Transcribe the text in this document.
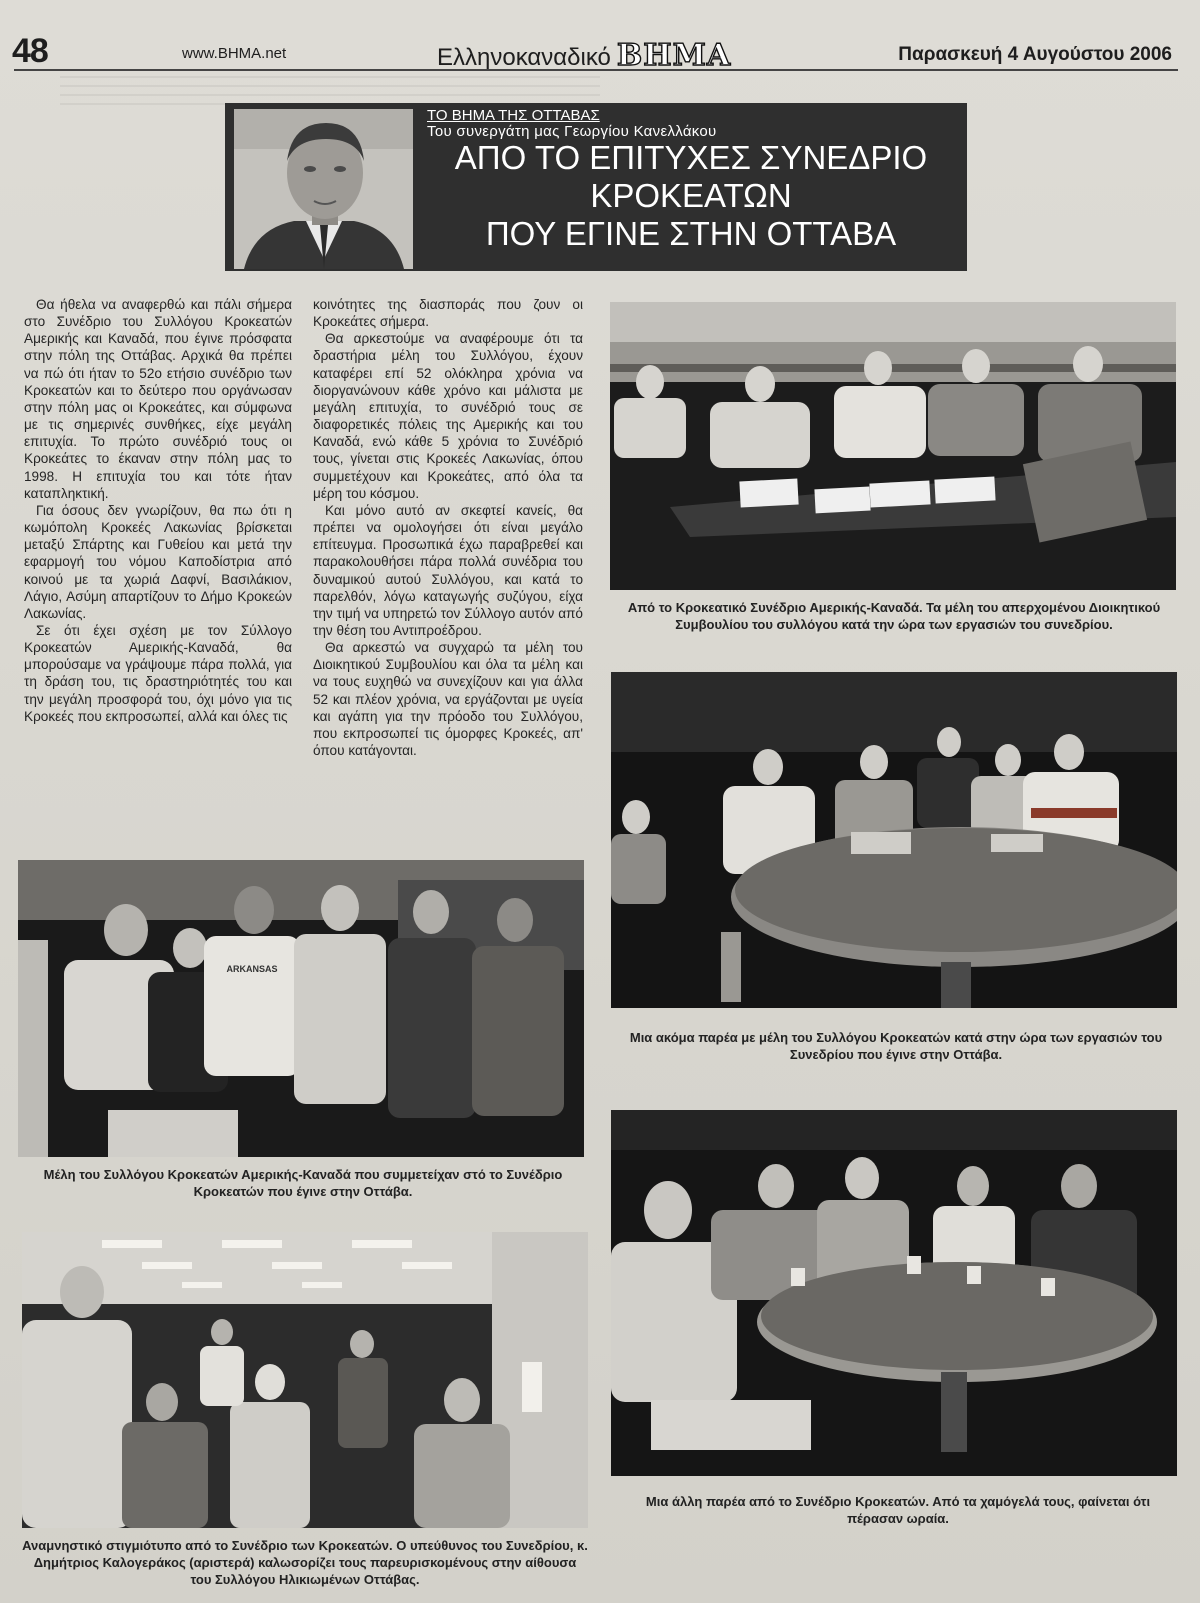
48	www.BHMA.net	Ελληνοκαναδικό BHMA	Παρασκευή 4 Αυγούστου 2006
ΤΟ ΒΗΜΑ ΤΗΣ ΟΤΤΑΒΑΣ
Του συνεργάτη μας Γεωργίου Κανελλάκου
ΑΠΟ ΤΟ ΕΠΙΤΥΧΕΣ ΣΥΝΕΔΡΙΟ
ΚΡΟΚΕΑΤΩΝ
ΠΟΥ ΕΓΙΝΕ ΣΤΗΝ ΟΤΤΑΒΑ

Θα ήθελα να αναφερθώ και πάλι σήμερα στο Συνέδριο του Συλλόγου Κροκεατών Αμερικής και Καναδά, που έγινε πρόσφατα στην πόλη της Οττάβας. Αρχικά θα πρέπει να πώ ότι ήταν το 52ο ετήσιο συνέδριο των Κροκεατών και το δεύτερο που οργάνωσαν στην πόλη μας οι Κροκεάτες, και σύμφωνα με τις σημερινές συνθήκες, είχε μεγάλη επιτυχία. Το πρώτο συνέδριό τους οι Κροκεάτες το έκαναν στην πόλη μας το 1998. Η επιτυχία του και τότε ήταν καταπληκτική.

Για όσους δεν γνωρίζουν, θα πω ότι η κωμόπολη Κροκεές Λακωνίας βρίσκεται μεταξύ Σπάρτης και Γυθείου και μετά την εφαρμογή του νόμου Καποδίστρια από κοινού με τα χωριά Δαφνί, Βασιλάκιον, Λάγιο, Ασύμη απαρτίζουν το Δήμο Κροκεών Λακωνίας.

Σε ότι έχει σχέση με τον Σύλλογο Κροκεατών Αμερικής-Καναδά, θα μπορούσαμε να γράψουμε πάρα πολλά, για τη δράση του, τις δραστηριότητές του και την μεγάλη προσφορά του, όχι μόνο για τις Κροκεές που εκπροσωπεί, αλλά και όλες τις

κοινότητες της διασποράς που ζουν οι Κροκεάτες σήμερα.

Θα αρκεστούμε να αναφέρουμε ότι τα δραστήρια μέλη του Συλλόγου, έχουν καταφέρει επί 52 ολόκληρα χρόνια να διοργανώνουν κάθε χρόνο και μάλιστα με μεγάλη επιτυχία, το συνέδριό τους σε διαφορετικές πόλεις της Αμερικής και του Καναδά, ενώ κάθε 5 χρόνια το Συνέδριό τους, γίνεται στις Κροκεές Λακωνίας, όπου συμμετέχουν και Κροκεάτες, από όλα τα μέρη του κόσμου.

Και μόνο αυτό αν σκεφτεί κανείς, θα πρέπει να ομολογήσει ότι είναι μεγάλο επίτευγμα. Προσωπικά έχω παραβρεθεί και παρακολουθήσει πάρα πολλά συνέδρια του δυναμικού αυτού Συλλόγου, και κατά το παρελθόν, λόγω καταγωγής συζύγου, είχα την τιμή να υπηρετώ τον Σύλλογο αυτόν από την θέση του Αντιπροέδρου.

Θα αρκεστώ να συγχαρώ τα μέλη του Διοικητικού Συμβουλίου και όλα τα μέλη και να τους ευχηθώ να συνεχίζουν και για άλλα 52 και πλέον χρόνια, να εργάζονται με υγεία και αγάπη για την πρόοδο του Συλλόγου, που εκπροσωπεί τις όμορφες Κροκεές, απ' όπου κατάγονται.

Από το Κροκεατικό Συνέδριο Αμερικής-Καναδά. Τα μέλη του απερχομένου Διοικητικού Συμβουλίου του συλλόγου κατά την ώρα των εργασιών του συνεδρίου.
Μια ακόμα παρέα με μέλη του Συλλόγου Κροκεατών κατά στην ώρα των εργασιών του Συνεδρίου που έγινε στην Οττάβα.
ARKANSAS
Μέλη του Συλλόγου Κροκεατών Αμερικής-Καναδά που συμμετείχαν στό το Συνέδριο Κροκεατών που έγινε στην Οττάβα.
Μια άλλη παρέα από το Συνέδριο Κροκεατών. Από τα χαμόγελά τους, φαίνεται ότι πέρασαν ωραία.
Αναμνηστικό στιγμιότυπο από το Συνέδριο των Κροκεατών. Ο υπεύθυνος του Συνεδρίου, κ. Δημήτριος Καλογεράκος (αριστερά) καλωσορίζει τους παρευρισκομένους στην αίθουσα του Συλλόγου Ηλικιωμένων Οττάβας.
